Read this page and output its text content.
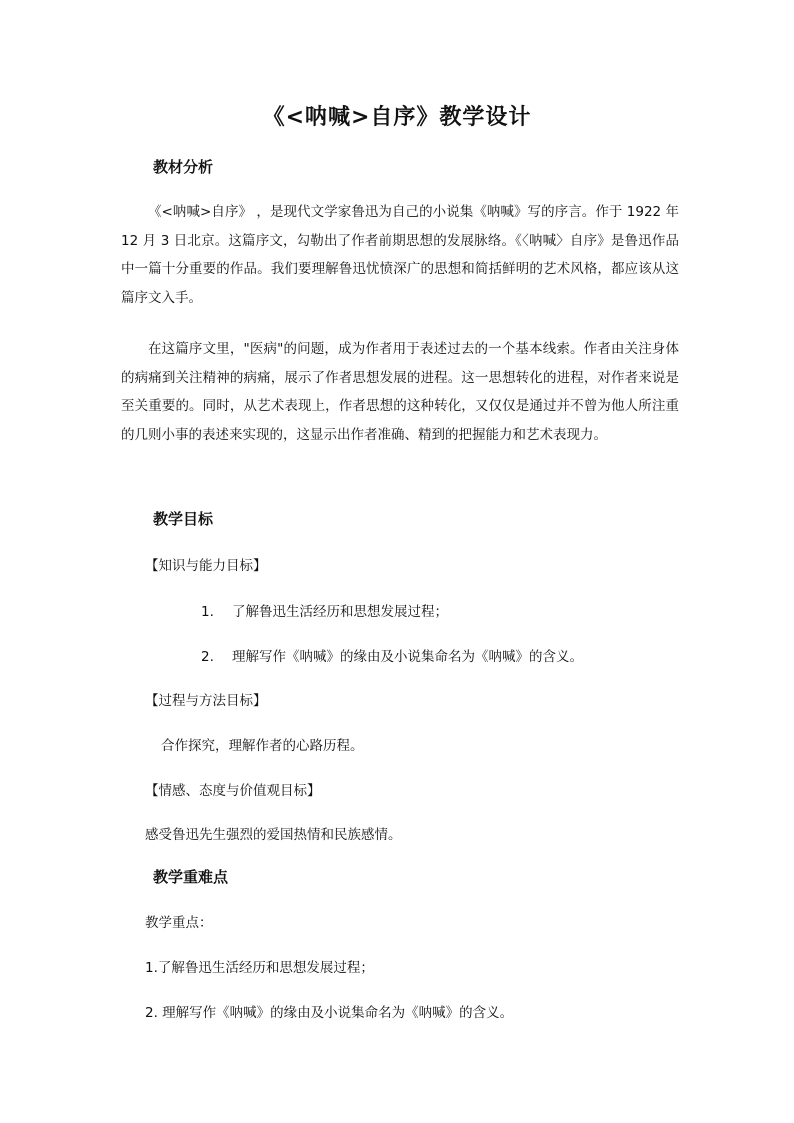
《<呐喊>自序》教学设计
教材分析

《<呐喊>自序》 ，是现代文学家鲁迅为自己的小说集《呐喊》写的序言。作于 1922 年 12 月 3 日北京。这篇序文，勾勒出了作者前期思想的发展脉络。《〈呐喊〉自序》是鲁迅作品中一篇十分重要的作品。我们要理解鲁迅忧愤深广的思想和简括鲜明的艺术风格，都应该从这篇序文入手。

在这篇序文里，"医病"的问题，成为作者用于表述过去的一个基本线索。作者由关注身体的病痛到关注精神的病痛，展示了作者思想发展的进程。这一思想转化的进程，对作者来说是至关重要的。同时，从艺术表现上，作者思想的这种转化，又仅仅是通过并不曾为他人所注重的几则小事的表述来实现的，这显示出作者准确、精到的把握能力和艺术表现力。

教学目标
【知识与能力目标】
1. 了解鲁迅生活经历和思想发展过程；
2. 理解写作《呐喊》的缘由及小说集命名为《呐喊》的含义。
【过程与方法目标】
合作探究，理解作者的心路历程。
【情感、态度与价值观目标】
感受鲁迅先生强烈的爱国热情和民族感情。
教学重难点
教学重点：
1.了解鲁迅生活经历和思想发展过程；
2. 理解写作《呐喊》的缘由及小说集命名为《呐喊》的含义。
